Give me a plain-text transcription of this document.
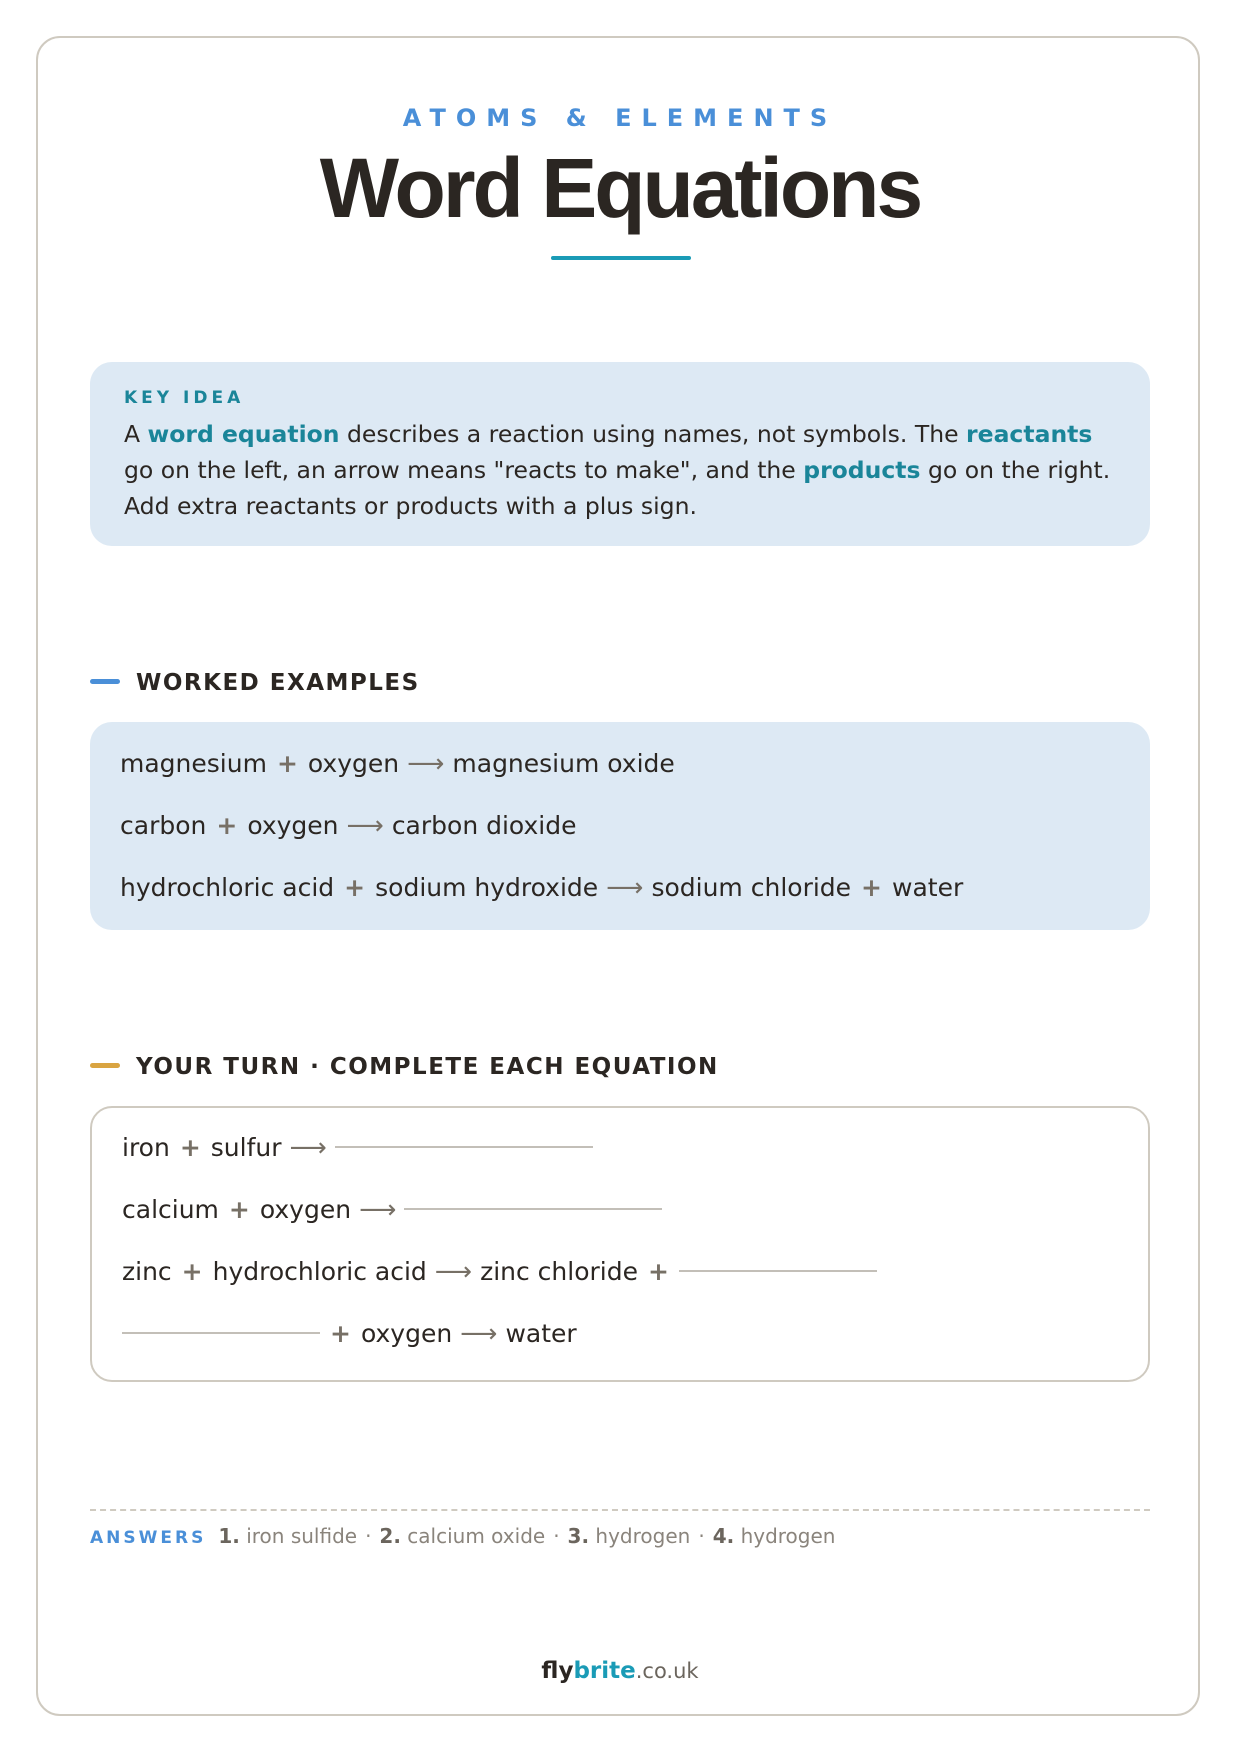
ATOMS & ELEMENTS
Word Equations
KEY IDEA
A word equation describes a reaction using names, not symbols. The reactants go on the left, an arrow means "reacts to make", and the products go on the right. Add extra reactants or products with a plus sign.
WORKED EXAMPLES
magnesium + oxygen ⟶ magnesium oxide
carbon + oxygen ⟶ carbon dioxide
hydrochloric acid + sodium hydroxide ⟶ sodium chloride + water
YOUR TURN · COMPLETE EACH EQUATION
iron + sulfur ⟶
calcium + oxygen ⟶
zinc + hydrochloric acid ⟶ zinc chloride +
+ oxygen ⟶ water
ANSWERS 1. iron sulfide · 2. calcium oxide · 3. hydrogen · 4. hydrogen
flybrite.co.uk
